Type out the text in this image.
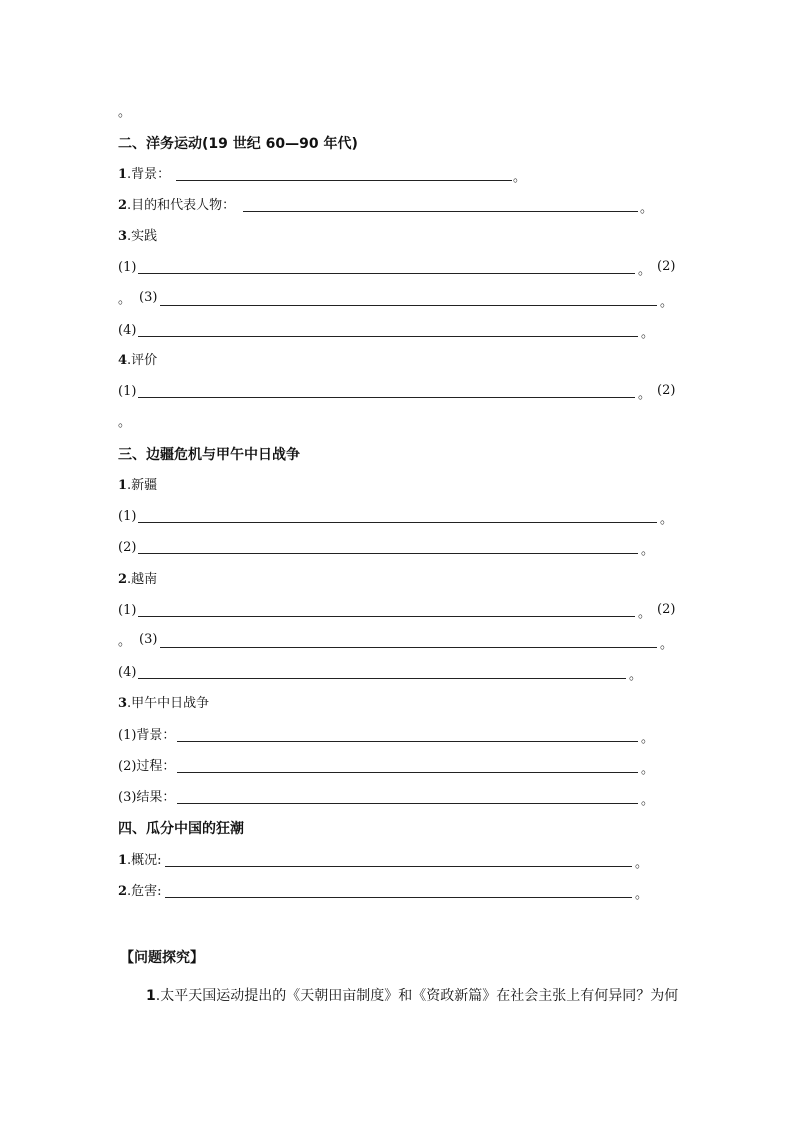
。
二、洋务运动(19 世纪 60—90 年代)
1.背景：	。
2.目的和代表人物：	。
3.实践
(1)	。 (2)
。 (3)	。
(4)	。
4.评价
(1)	。 (2)
。
三、边疆危机与甲午中日战争
1.新疆
(1)	。
(2)	。
2.越南
(1)	。 (2)
。 (3)	。
(4)	。
3.甲午中日战争
(1)背景：	。
(2)过程：	。
(3)结果：	。
四、瓜分中国的狂潮
1.概况:	。
2.危害:	。
【问题探究】
1.太平天国运动提出的《天朝田亩制度》和《资政新篇》在社会主张上有何异同？为何
